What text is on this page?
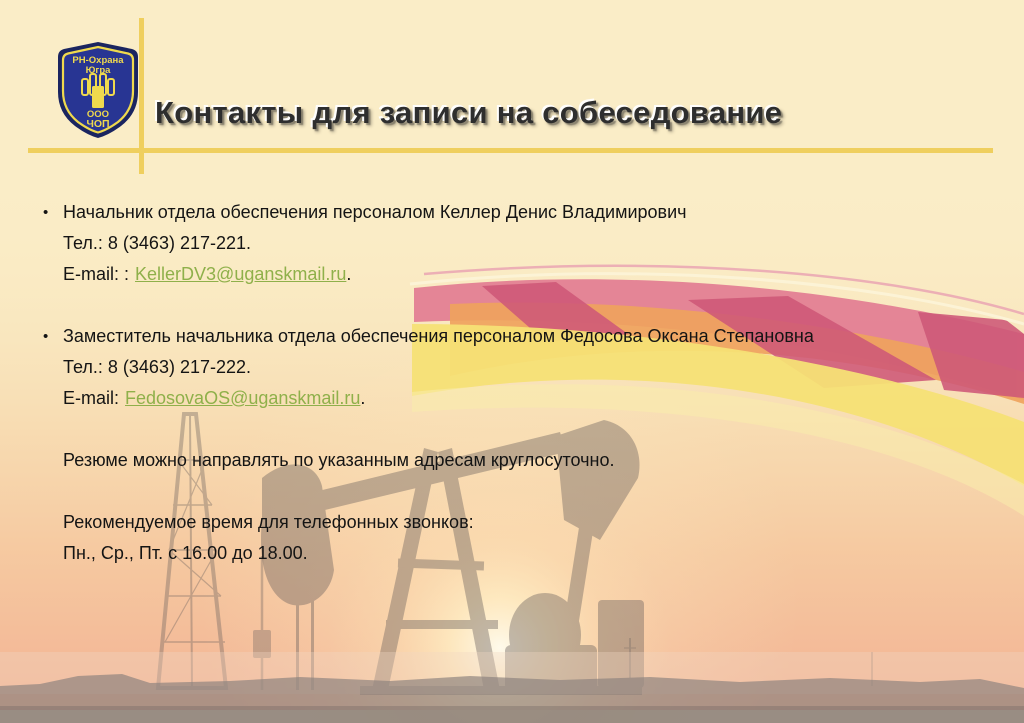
РН-Охрана
Югра
ООО
ЧОП Контакты для записи на собеседование
• Начальник отдела обеспечения персоналом Келлер Денис Владимирович

Тел.: 8 (3463) 217-221.

E-mail: : KellerDV3@uganskmail.ru.

• Заместитель начальника отдела обеспечения персоналом Федосова Оксана Степановна

Тел.: 8 (3463) 217-222.

E-mail: FedosovaOS@uganskmail.ru.

Резюме можно направлять по указанным адресам круглосуточно.

Рекомендуемое время для телефонных звонков:

Пн., Ср., Пт. с 16.00 до 18.00.
